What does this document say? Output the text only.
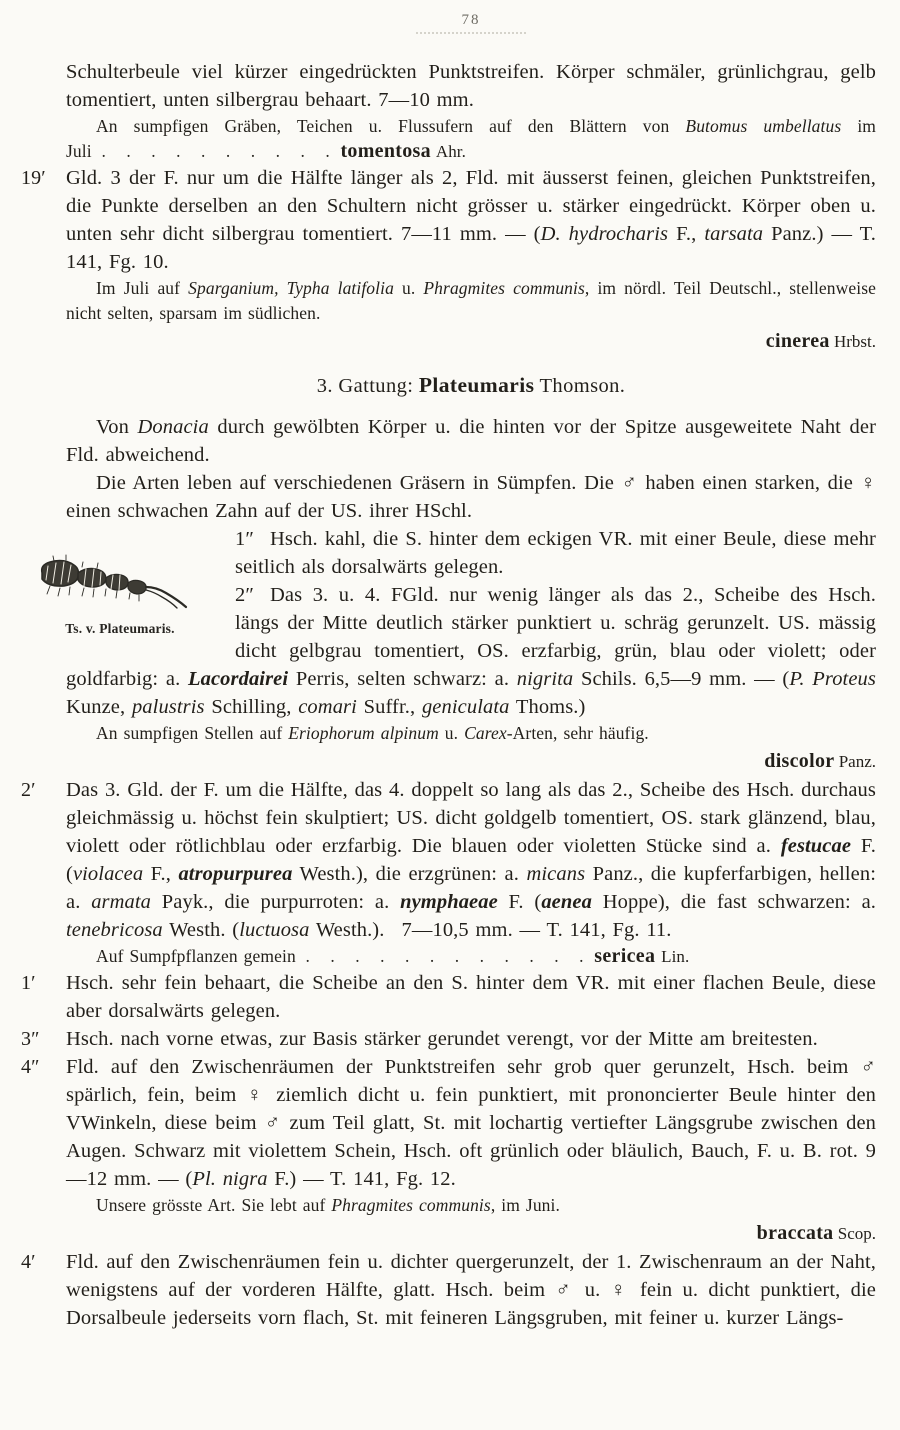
78

Schulterbeule viel kürzer eingedrückten Punktstreifen. Körper schmäler, grünlichgrau, gelb tomentiert, unten silbergrau behaart. 7—10 mm.

An sumpfigen Gräben, Teichen u. Flussufern auf den Blättern von Butomus umbellatus im Juli .  .  .  .  .  .  .  .  .  . tomentosa Ahr.

19′ Gld. 3 der F. nur um die Hälfte länger als 2, Fld. mit äusserst feinen, gleichen Punktstreifen, die Punkte derselben an den Schultern nicht grösser u. stärker eingedrückt. Körper oben u. unten sehr dicht silbergrau tomentiert. 7—11 mm. — (D. hydrocharis F., tarsata Panz.) — T. 141, Fg. 10.

Im Juli auf Sparganium, Typha latifolia u. Phragmites communis, im nördl. Teil Deutschl., stellenweise nicht selten, sparsam im südlichen.

cinerea Hrbst.

3. Gattung: Plateumaris Thomson.

Von Donacia durch gewölbten Körper u. die hinten vor der Spitze ausgeweitete Naht der Fld. abweichend.

Die Arten leben auf verschiedenen Gräsern in Sümpfen. Die ♂ haben einen starken, die ♀ einen schwachen Zahn auf der US. ihrer HSchl.

Ts. v. Plateumaris.

1″ Hsch. kahl, die S. hinter dem eckigen VR. mit einer Beule, diese mehr seitlich als dorsalwärts gelegen.

2″ Das 3. u. 4. FGld. nur wenig länger als das 2., Scheibe des Hsch. längs der Mitte deutlich stärker punktiert u. schräg gerunzelt. US. mässig dicht gelbgrau tomentiert, OS. erzfarbig, grün, blau oder violett; oder goldfarbig: a. Lacordairei Perris, selten schwarz: a. nigrita Schils. 6,5—9 mm. — (P. Proteus Kunze, palustris Schilling, comari Suffr., geniculata Thoms.)

An sumpfigen Stellen auf Eriophorum alpinum u. Carex-Arten, sehr häufig.

discolor Panz.

2′ Das 3. Gld. der F. um die Hälfte, das 4. doppelt so lang als das 2., Scheibe des Hsch. durchaus gleichmässig u. höchst fein skulptiert; US. dicht goldgelb tomentiert, OS. stark glänzend, blau, violett oder rötlichblau oder erzfarbig. Die blauen oder violetten Stücke sind a. festucae F. (violacea F., atropurpurea Westh.), die erzgrünen: a. micans Panz., die kupferfarbigen, hellen: a. armata Payk., die purpurroten: a. nymphaeae F. (aenea Hoppe), die fast schwarzen: a. tenebricosa Westh. (luctuosa Westh.).  7—10,5 mm. — T. 141, Fg. 11.

Auf Sumpfpflanzen gemein .  .  .  .  .  .  .  .  .  .  .  . sericea Lin.

1′ Hsch. sehr fein behaart, die Scheibe an den S. hinter dem VR. mit einer flachen Beule, diese aber dorsalwärts gelegen.

3″ Hsch. nach vorne etwas, zur Basis stärker gerundet verengt, vor der Mitte am breitesten.

4″ Fld. auf den Zwischenräumen der Punktstreifen sehr grob quer gerunzelt, Hsch. beim ♂ spärlich, fein, beim ♀ ziemlich dicht u. fein punktiert, mit prononcierter Beule hinter den VWinkeln, diese beim ♂ zum Teil glatt, St. mit lochartig vertiefter Längsgrube zwischen den Augen. Schwarz mit violettem Schein, Hsch. oft grünlich oder bläulich, Bauch, F. u. B. rot. 9—12 mm. — (Pl. nigra F.) — T. 141, Fg. 12.

Unsere grösste Art. Sie lebt auf Phragmites communis, im Juni.

braccata Scop.

4′ Fld. auf den Zwischenräumen fein u. dichter quergerunzelt, der 1. Zwischenraum an der Naht, wenigstens auf der vorderen Hälfte, glatt. Hsch. beim ♂ u. ♀ fein u. dicht punktiert, die Dorsalbeule jederseits vorn flach, St. mit feineren Längsgruben, mit feiner u. kurzer Längs-
